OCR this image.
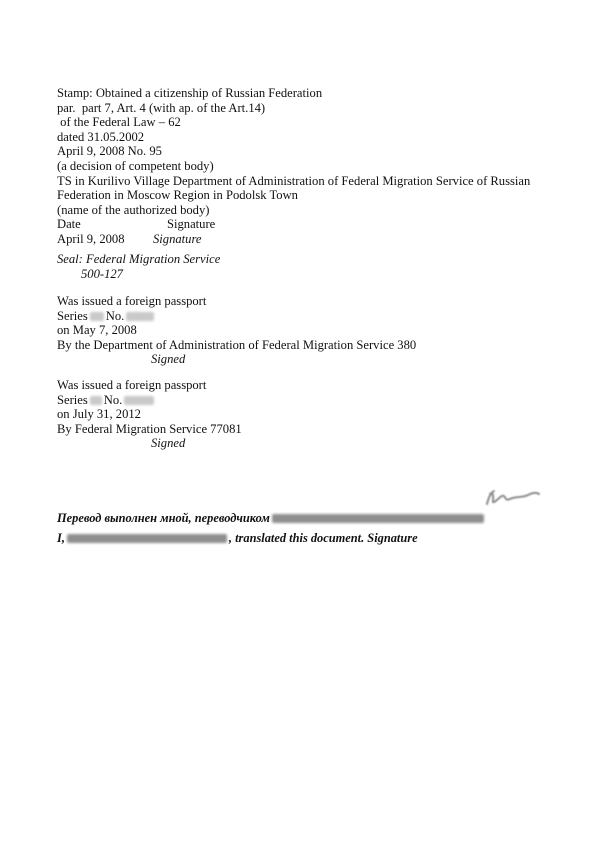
Stamp: Obtained a citizenship of Russian Federation
par.  part 7, Art. 4 (with ap. of the Art.14)
of the Federal Law – 62
dated 31.05.2002
April 9, 2008 No. 95
(a decision of competent body)
TS in Kurilivo Village Department of Administration of Federal Migration Service of Russian
Federation in Moscow Region in Podolsk Town
(name of the authorized body)
Date	Signature
April 9, 2008 Signature
Seal: Federal Migration Service
500-127
Was issued a foreign passport
Series No.
on May 7, 2008
By the Department of Administration of Federal Migration Service 380
Signed
Was issued a foreign passport
Series No.
on July 31, 2012
By Federal Migration Service 77081
Signed
Перевод выполнен мной, переводчиком
I,	, translated this document. Signature
